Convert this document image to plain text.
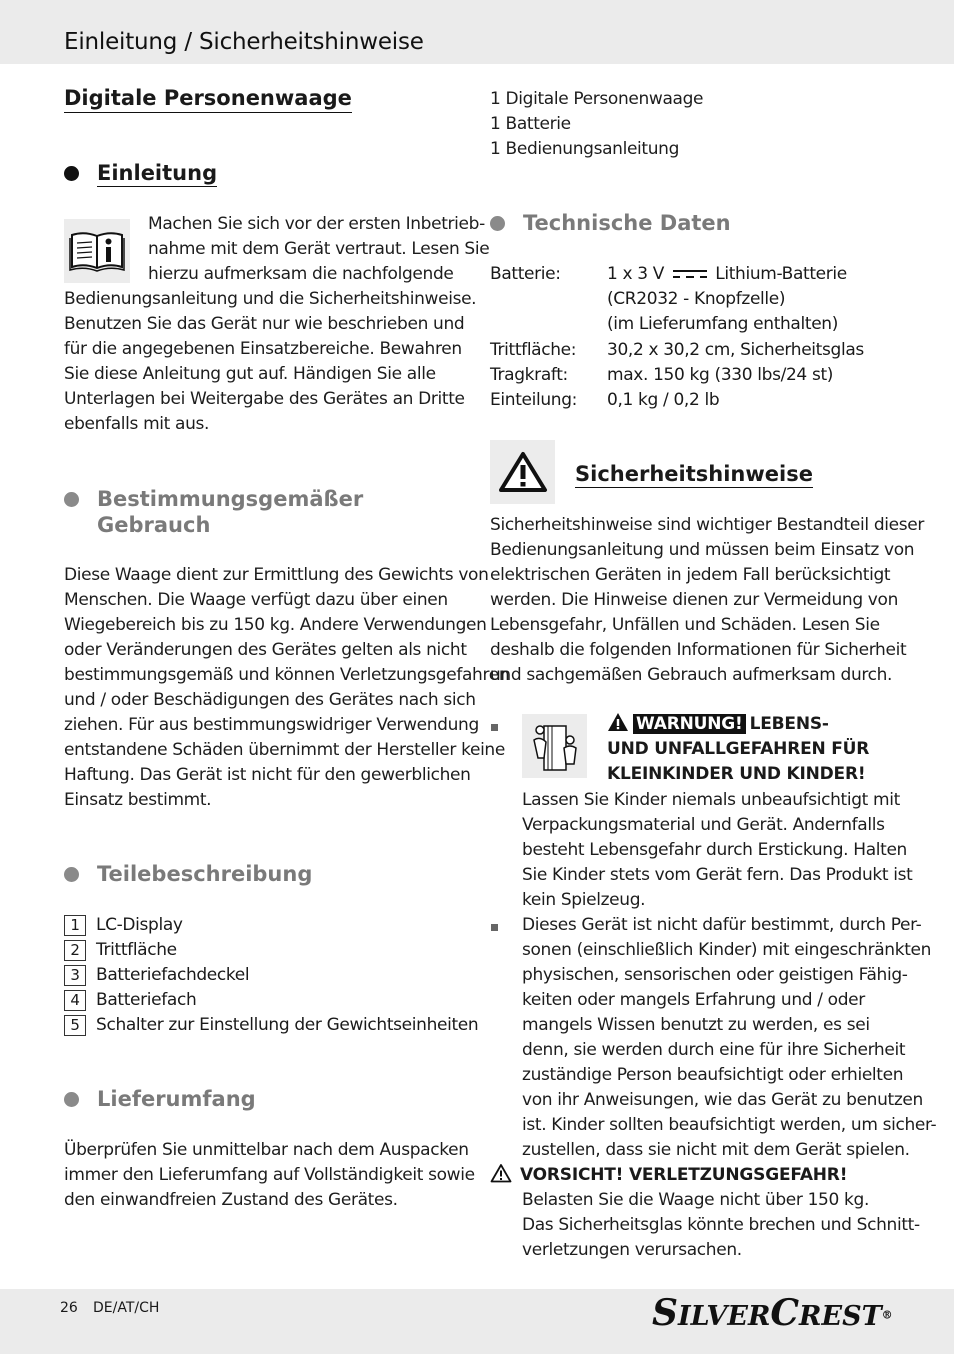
Einleitung / Sicherheitshinweise
Digitale Personenwaage
Einleitung
Machen Sie sich vor der ersten Inbetrieb-
nahme mit dem Gerät vertraut. Lesen Sie
hierzu aufmerksam die nachfolgende
Bedienungsanleitung und die Sicherheitshinweise.
Benutzen Sie das Gerät nur wie beschrieben und
für die angegebenen Einsatzbereiche. Bewahren
Sie diese Anleitung gut auf. Händigen Sie alle
Unterlagen bei Weitergabe des Gerätes an Dritte
ebenfalls mit aus.
Bestimmungsgemäßer
Gebrauch
Diese Waage dient zur Ermittlung des Gewichts von
Menschen. Die Waage verfügt dazu über einen
Wiegebereich bis zu 150 kg. Andere Verwendungen
oder Veränderungen des Gerätes gelten als nicht
bestimmungsgemäß und können Verletzungsgefahren
und / oder Beschädigungen des Gerätes nach sich
ziehen. Für aus bestimmungswidriger Verwendung
entstandene Schäden übernimmt der Hersteller keine
Haftung. Das Gerät ist nicht für den gewerblichen
Einsatz bestimmt.
Teilebeschreibung
1 LC-Display
2 Trittfläche
3 Batteriefachdeckel
4 Batteriefach
5 Schalter zur Einstellung der Gewichtseinheiten
Lieferumfang
Überprüfen Sie unmittelbar nach dem Auspacken
immer den Lieferumfang auf Vollständigkeit sowie
den einwandfreien Zustand des Gerätes.
1 Digitale Personenwaage
1 Batterie
1 Bedienungsanleitung
Technische Daten
Batterie:	1 x 3 V	Lithium-Batterie
(CR2032 - Knopfzelle)
(im Lieferumfang enthalten)
Trittfläche: 30,2 x 30,2 cm, Sicherheitsglas
Tragkraft: max. 150 kg (330 lbs/24 st)
Einteilung: 0,1 kg / 0,2 lb
Sicherheitshinweise
Sicherheitshinweise sind wichtiger Bestandteil dieser
Bedienungsanleitung und müssen beim Einsatz von
elektrischen Geräten in jedem Fall berücksichtigt
werden. Die Hinweise dienen zur Vermeidung von
Lebensgefahr, Unfällen und Schäden. Lesen Sie
deshalb die folgenden Informationen für Sicherheit
und sachgemäßen Gebrauch aufmerksam durch.
WARNUNG! LEBENS-
UND UNFALLGEFAHREN FÜR
KLEINKINDER UND KINDER!
Lassen Sie Kinder niemals unbeaufsichtigt mit
Verpackungsmaterial und Gerät. Andernfalls
besteht Lebensgefahr durch Erstickung. Halten
Sie Kinder stets vom Gerät fern. Das Produkt ist
kein Spielzeug.
Dieses Gerät ist nicht dafür bestimmt, durch Per-
sonen (einschließlich Kinder) mit eingeschränkten
physischen, sensorischen oder geistigen Fähig-
keiten oder mangels Erfahrung und / oder
mangels Wissen benutzt zu werden, es sei
denn, sie werden durch eine für ihre Sicherheit
zuständige Person beaufsichtigt oder erhielten
von ihr Anweisungen, wie das Gerät zu benutzen
ist. Kinder sollten beaufsichtigt werden, um sicher-
zustellen, dass sie nicht mit dem Gerät spielen.
VORSICHT! VERLETZUNGSGEFAHR!
Belasten Sie die Waage nicht über 150 kg.
Das Sicherheitsglas könnte brechen und Schnitt-
verletzungen verursachen.
26 DE/AT/CH	SILVERCREST®
